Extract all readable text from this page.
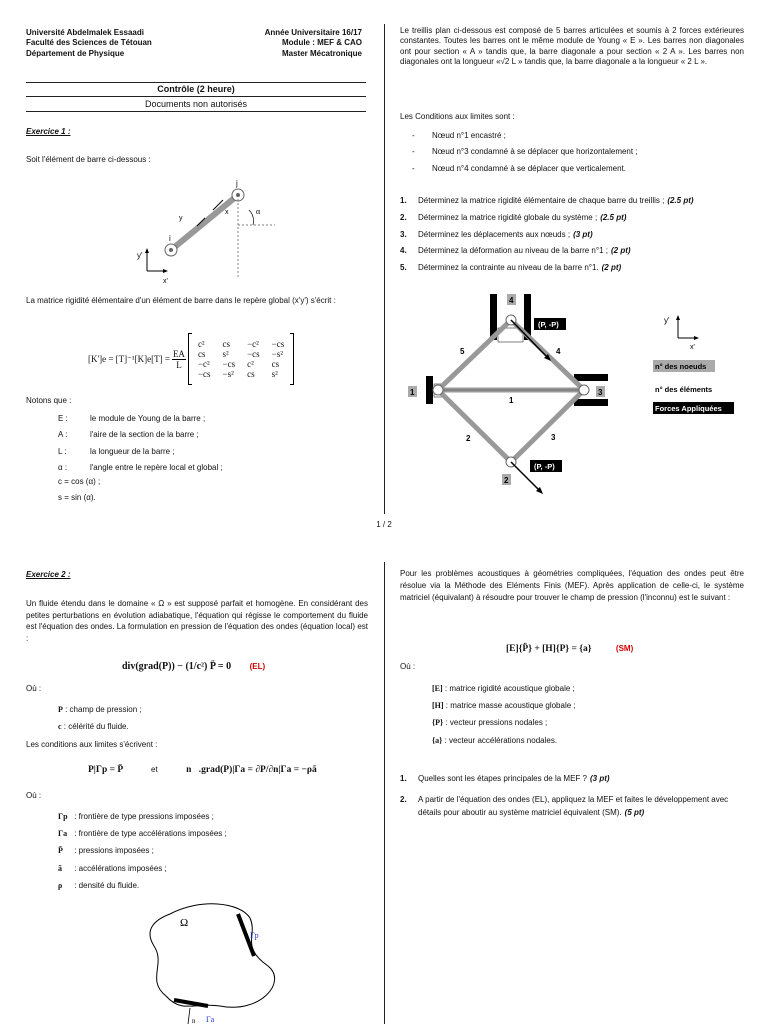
Université Abdelmalek Essaadi
Faculté des Sciences de Tétouan
Département de Physique
Année Universitaire 16/17
Module : MEF & CAO
Master Mécatronique
Contrôle (2 heure)
Documents non autorisés
Exercice 1 :
Soit l'élément de barre ci-dessous :
i
j
y
x	α
y'
x'
La matrice rigidité élémentaire d'un élément de barre dans le repère global (x'y') s'écrit :
$[K']e = [T]^{-1}[K]e[T] = \frac{EA}{L}$
c²	cs	−c²	−cs
cs	s²	−cs	−s²
−c²	−cs	c²	cs
−cs	−s²	cs	s²
Notons que :
E :	le module de Young de la barre ;
A :	l'aire de la section de la barre ;
L :	la longueur de la barre ;
α :	l'angle entre le repère local et global ;
c = cos (α) ;
s = sin (α).
Le treillis plan ci-dessous est composé de 5 barres articulées et soumis à 2 forces extérieures constantes. Toutes les barres ont le même module de Young « E ». Les barres non diagonales ont pour section « A » tandis que, la barre diagonale a pour section « 2 A ». Les barres non diagonales ont la longueur «√2 L » tandis que, la barre diagonale a la longueur « 2 L ».
Les Conditions aux limites sont :
- Nœud n°1 encastré ;
- Nœud n°3 condamné à se déplacer que horizontalement ;
- Nœud n°4 condamné à se déplacer que verticalement.
1.	Déterminez la matrice rigidité élémentaire de chaque barre du treillis ; (2.5 pt)
2.	Déterminez la matrice rigidité globale du système ; (2.5 pt)
3.	Déterminez les déplacements aux nœuds ; (3 pt)
4.	Déterminez la déformation au niveau de la barre n°1 ; (2 pt)
5.	Déterminez la contrainte au niveau de la barre n°1. (2 pt)
(P, -P)
(P, -P)
1
2
3
4
1
2	3
4
5
y'
x'
n° des noeuds
n° des éléments
Forces Appliquées
1 / 2
Exercice 2 :
Un fluide étendu dans le domaine « Ω » est supposé parfait et homogène. En considérant des petites perturbations en évolution adiabatique, l'équation qui régisse le comportement du fluide est l'équation des ondes. La formulation en pression de l'équation des ondes (équation local) est :
div(grad(P)) − (1/c²) P̈ = 0 (EL)
Où :
P : champ de pression ;
c : célérité du fluide.
Les conditions aux limites s'écrivent :
P|Γp = P̄	et	n⃗.grad(P)|Γa = ∂P/∂n|Γa = −ρã
Où :
Γp : frontière de type pressions imposées ;
Γa : frontière de type accélérations imposées ;
P̄ : pressions imposées ;
ã : accélérations imposées ;
ρ : densité du fluide.
Ω
Γp
Γa
n
Pour les problèmes acoustiques à géométries compliquées, l'équation des ondes peut être résolue via la Méthode des Eléments Finis (MEF). Après application de celle-ci, le système matriciel (équivalant) à résoudre pour trouver le champ de pression (l'inconnu) est le suivant :
[E]{P̈} + [H]{P} = {a}	(SM)
Où :
[E] : matrice rigidité acoustique globale ;
[H] : matrice masse acoustique globale ;
{P} : vecteur pressions nodales ;
{a} : vecteur accélérations nodales.
1.	Quelles sont les étapes principales de la MEF ? (3 pt)
2.	A partir de l'équation des ondes (EL), appliquez la MEF et faites le développement avec détails pour aboutir au système matriciel équivalent (SM). (5 pt)
